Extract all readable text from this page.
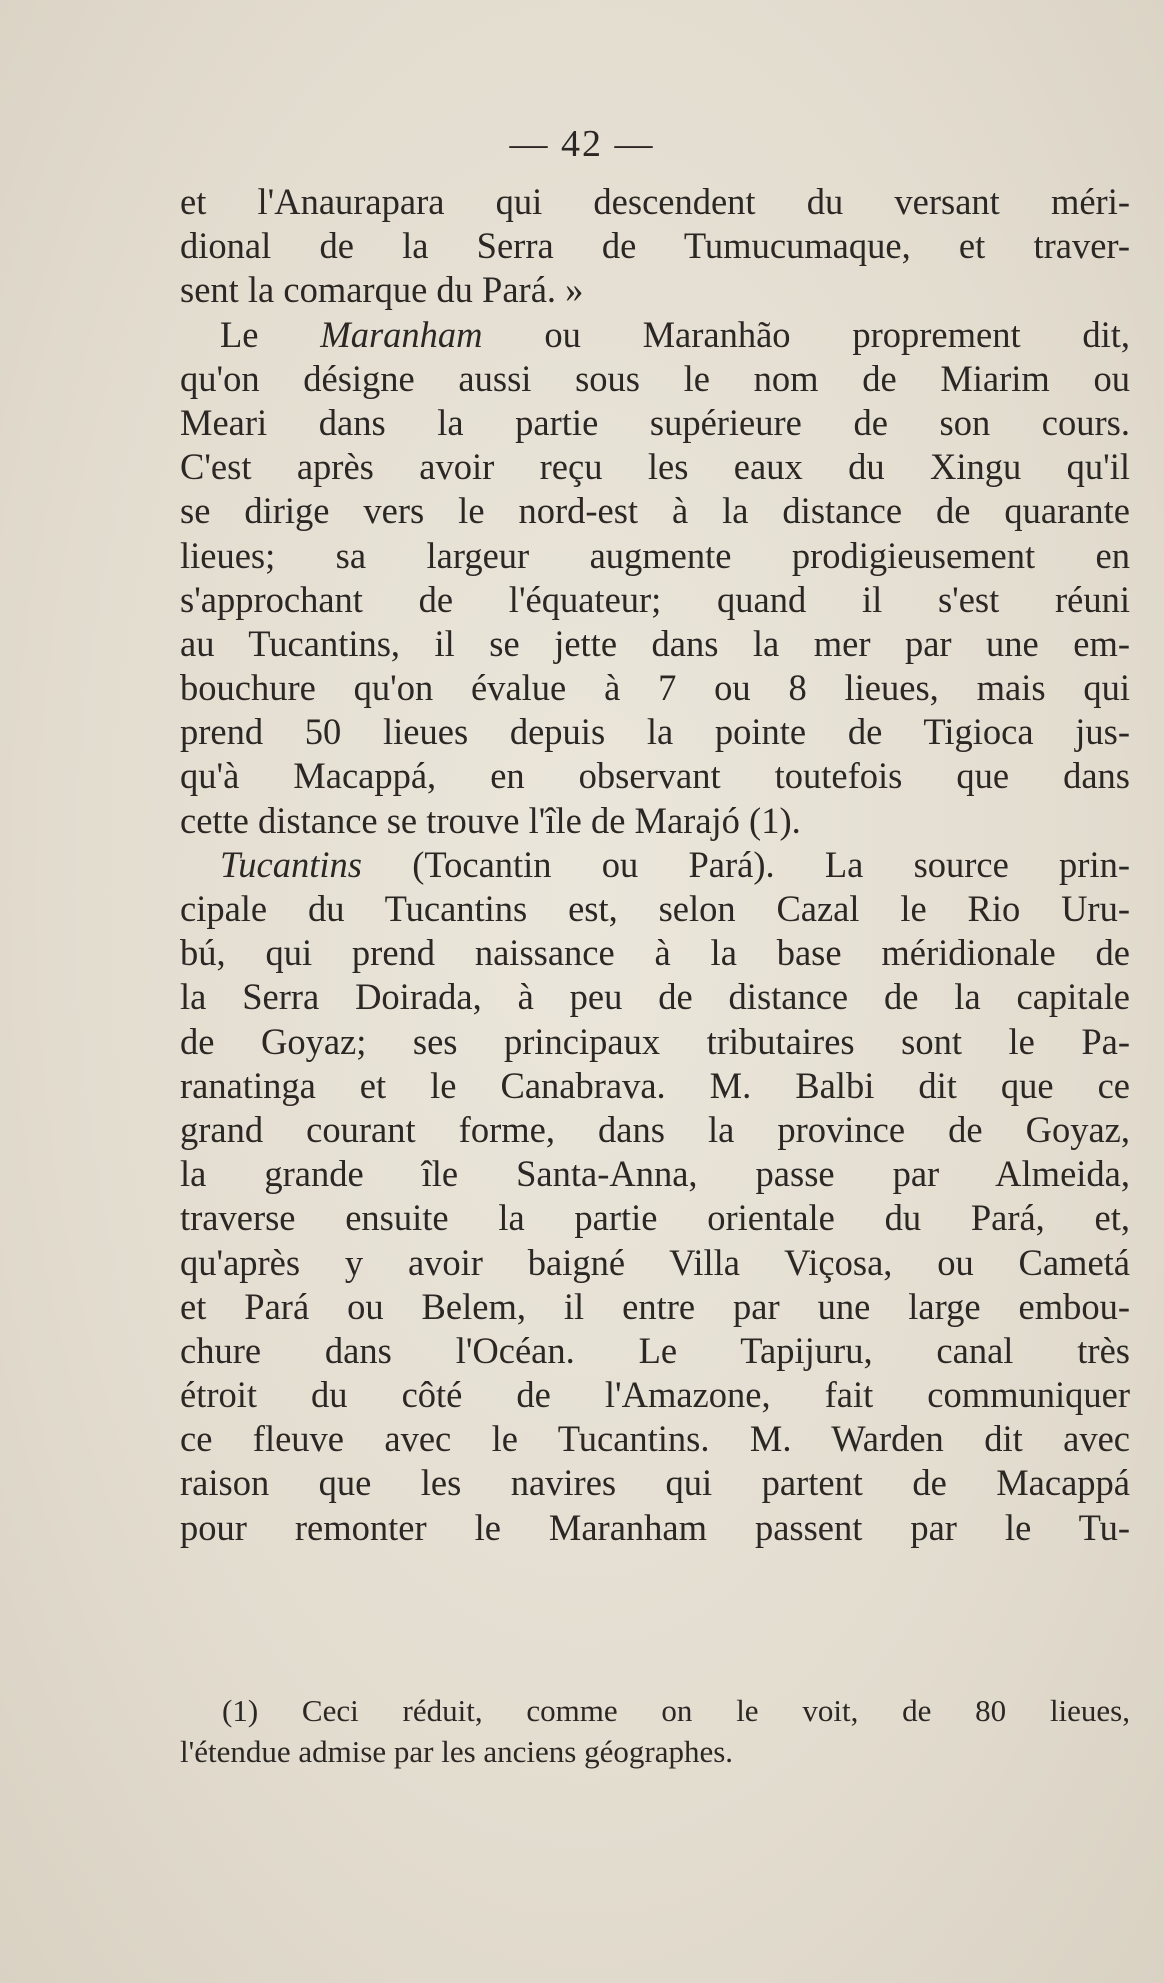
— 42 —
et l'Anaurapara qui descendent du versant méri-
dional de la Serra de Tumucumaque, et traver-
sent la comarque du Pará. »
Le Maranham ou Maranhão proprement dit,
qu'on désigne aussi sous le nom de Miarim ou
Meari dans la partie supérieure de son cours.
C'est après avoir reçu les eaux du Xingu qu'il
se dirige vers le nord-est à la distance de quarante
lieues; sa largeur augmente prodigieusement en
s'approchant de l'équateur; quand il s'est réuni
au Tucantins, il se jette dans la mer par une em-
bouchure qu'on évalue à 7 ou 8 lieues, mais qui
prend 50 lieues depuis la pointe de Tigioca jus-
qu'à Macappá, en observant toutefois que dans
cette distance se trouve l'île de Marajó (1).
Tucantins (Tocantin ou Pará). La source prin-
cipale du Tucantins est, selon Cazal le Rio Uru-
bú, qui prend naissance à la base méridionale de
la Serra Doirada, à peu de distance de la capitale
de Goyaz; ses principaux tributaires sont le Pa-
ranatinga et le Canabrava. M. Balbi dit que ce
grand courant forme, dans la province de Goyaz,
la grande île Santa-Anna, passe par Almeida,
traverse ensuite la partie orientale du Pará, et,
qu'après y avoir baigné Villa Viçosa, ou Cametá
et Pará ou Belem, il entre par une large embou-
chure dans l'Océan. Le Tapijuru, canal très
étroit du côté de l'Amazone, fait communiquer
ce fleuve avec le Tucantins. M. Warden dit avec
raison que les navires qui partent de Macappá
pour remonter le Maranham passent par le Tu-
(1) Ceci réduit, comme on le voit, de 80 lieues,
l'étendue admise par les anciens géographes.
